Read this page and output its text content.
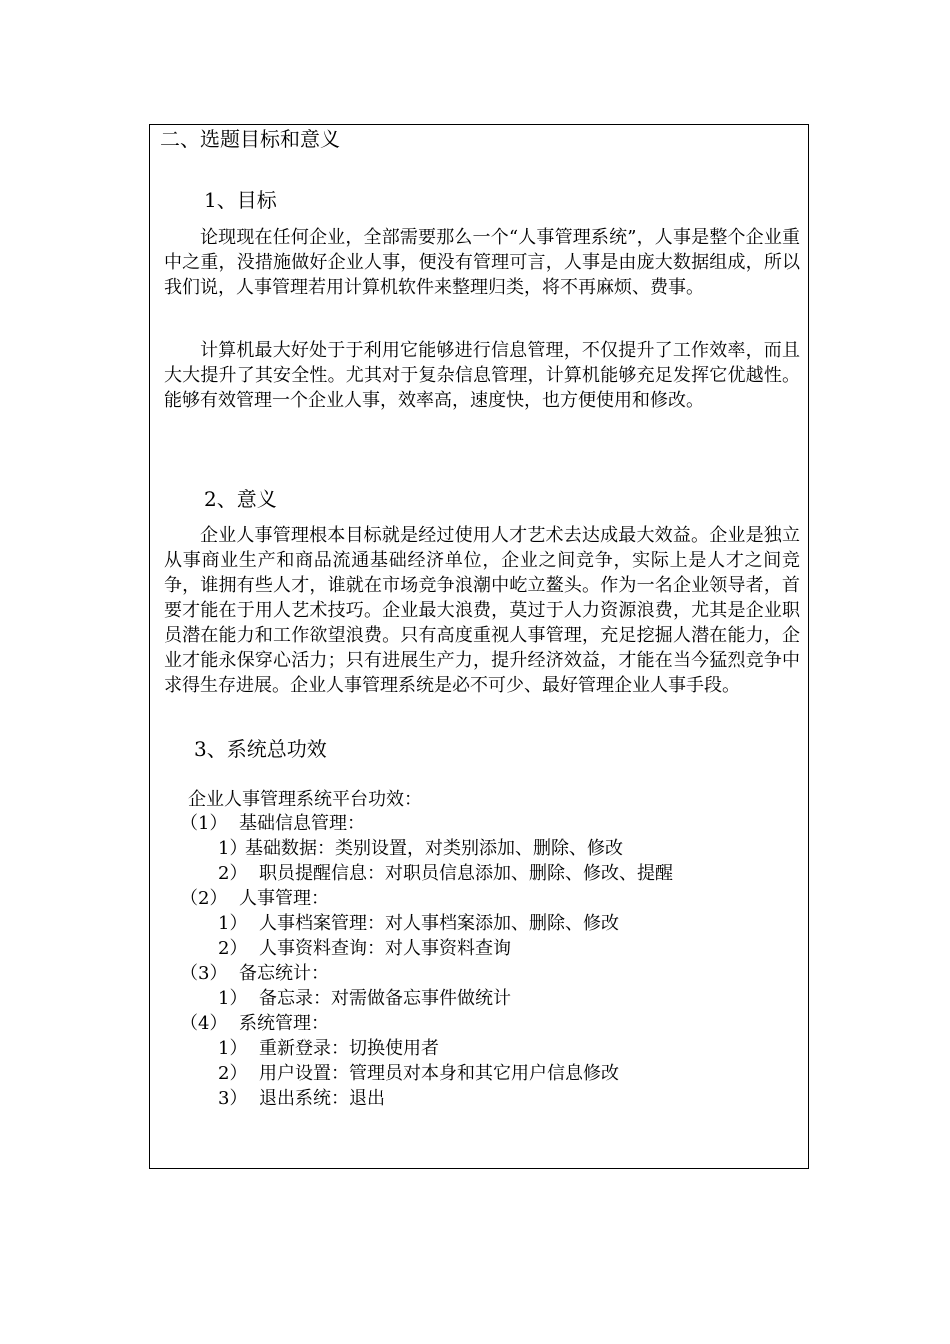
二、选题目标和意义
1、目标

论现现在任何企业，全部需要那么一个“人事管理系统”，人事是整个企业重中之重，没措施做好企业人事，便没有管理可言，人事是由庞大数据组成，所以我们说，人事管理若用计算机软件来整理归类，将不再麻烦、费事。

计算机最大好处于于利用它能够进行信息管理，不仅提升了工作效率，而且大大提升了其安全性。尤其对于复杂信息管理，计算机能够充足发挥它优越性。能够有效管理一个企业人事，效率高，速度快，也方便使用和修改。

2、意义

企业人事管理根本目标就是经过使用人才艺术去达成最大效益。企业是独立从事商业生产和商品流通基础经济单位，企业之间竞争，实际上是人才之间竞争，谁拥有些人才，谁就在市场竞争浪潮中屹立鳌头。作为一名企业领导者，首要才能在于用人艺术技巧。企业最大浪费，莫过于人力资源浪费，尤其是企业职员潜在能力和工作欲望浪费。只有高度重视人事管理，充足挖掘人潜在能力，企业才能永保穿心活力；只有进展生产力，提升经济效益，才能在当今猛烈竞争中求得生存进展。企业人事管理系统是必不可少、最好管理企业人事手段。

3、系统总功效
企业人事管理系统平台功效：
（1） 基础信息管理：
1）
基础数据：类别设置，对类别添加、删除、修改
2） 职员提醒信息：对职员信息添加、删除、修改、提醒
（2） 人事管理：
1） 人事档案管理：对人事档案添加、删除、修改
2） 人事资料查询：对人事资料查询
（3） 备忘统计：
1） 备忘录：对需做备忘事件做统计
（4） 系统管理：
1） 重新登录：切换使用者
2） 用户设置：管理员对本身和其它用户信息修改
3） 退出系统：退出
